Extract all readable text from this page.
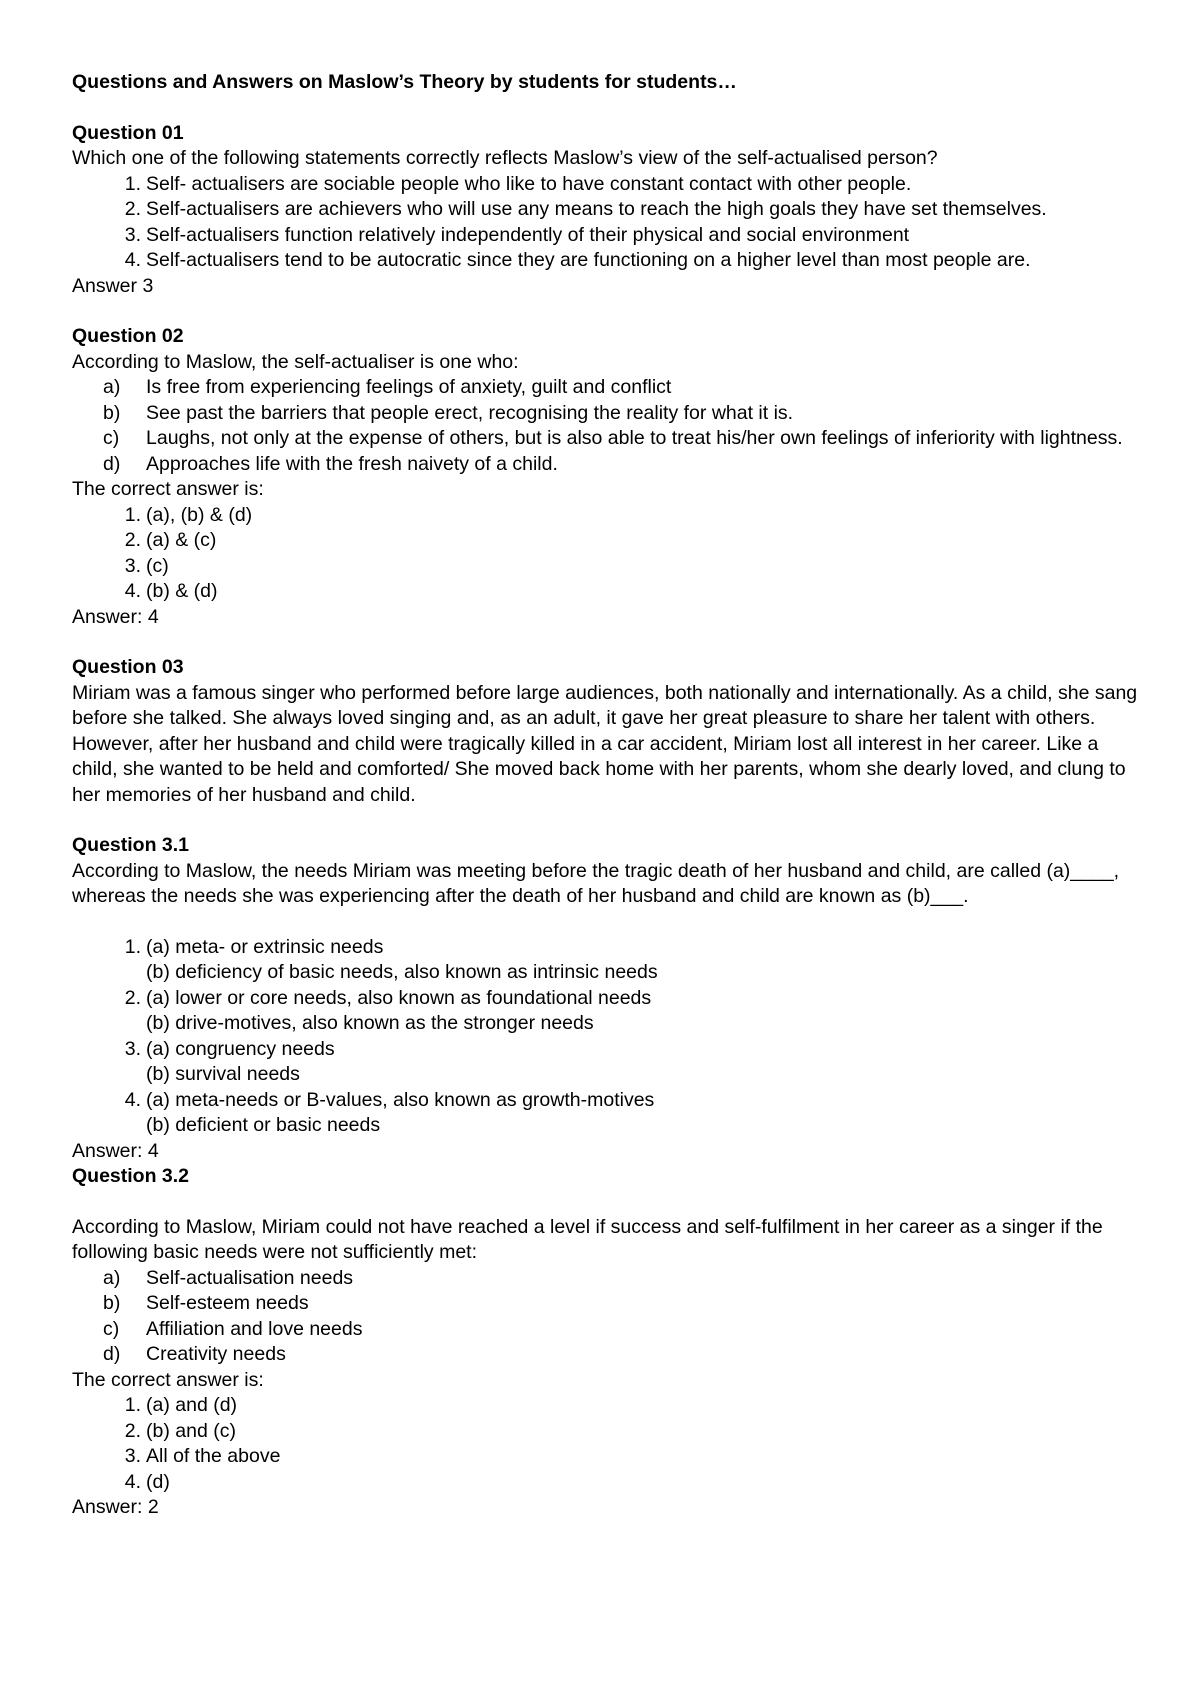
Questions and Answers on Maslow’s Theory by students for students…

Question 01

Which one of the following statements correctly reflects Maslow’s view of the self-actualised person?

1. Self- actualisers are sociable people who like to have constant contact with other people.
2. Self-actualisers are achievers who will use any means to reach the high goals they have set themselves.
3. Self-actualisers function relatively independently of their physical and social environment
4. Self-actualisers tend to be autocratic since they are functioning on a higher level than most people are.

Answer 3

Question 02

According to Maslow, the self-actualiser is one who:

a)	Is free from experiencing feelings of anxiety, guilt and conflict
b)	See past the barriers that people erect, recognising the reality for what it is.
c)	Laughs, not only at the expense of others, but is also able to treat his/her own feelings of inferiority with lightness.
d)	Approaches life with the fresh naivety of a child.

The correct answer is:

1. (a), (b) & (d)
2. (a) & (c)
3. (c)
4. (b) & (d)

Answer: 4

Question 03

Miriam was a famous singer who performed before large audiences, both nationally and internationally. As a child, she sang before she talked. She always loved singing and, as an adult, it gave her great pleasure to share her talent with others. However, after her husband and child were tragically killed in a car accident, Miriam lost all interest in her career. Like a child, she wanted to be held and comforted/ She moved back home with her parents, whom she dearly loved, and clung to her memories of her husband and child.

Question 3.1

According to Maslow, the needs Miriam was meeting before the tragic death of her husband and child, are called (a)____, whereas the needs she was experiencing after the death of her husband and child are known as (b)___.

1. (a) meta- or extrinsic needs
(b) deficiency of basic needs, also known as intrinsic needs
2. (a) lower or core needs, also known as foundational needs
(b) drive-motives, also known as the stronger needs
3. (a) congruency needs
(b) survival needs
4. (a) meta-needs or B-values, also known as growth-motives
(b) deficient or basic needs

Answer: 4

Question 3.2

According to Maslow, Miriam could not have reached a level if success and self-fulfilment in her career as a singer if the following basic needs were not sufficiently met:

a)	Self-actualisation needs
b)	Self-esteem needs
c)	Affiliation and love needs
d)	Creativity needs

The correct answer is:

1. (a) and (d)
2. (b) and (c)
3. All of the above
4. (d)

Answer: 2
